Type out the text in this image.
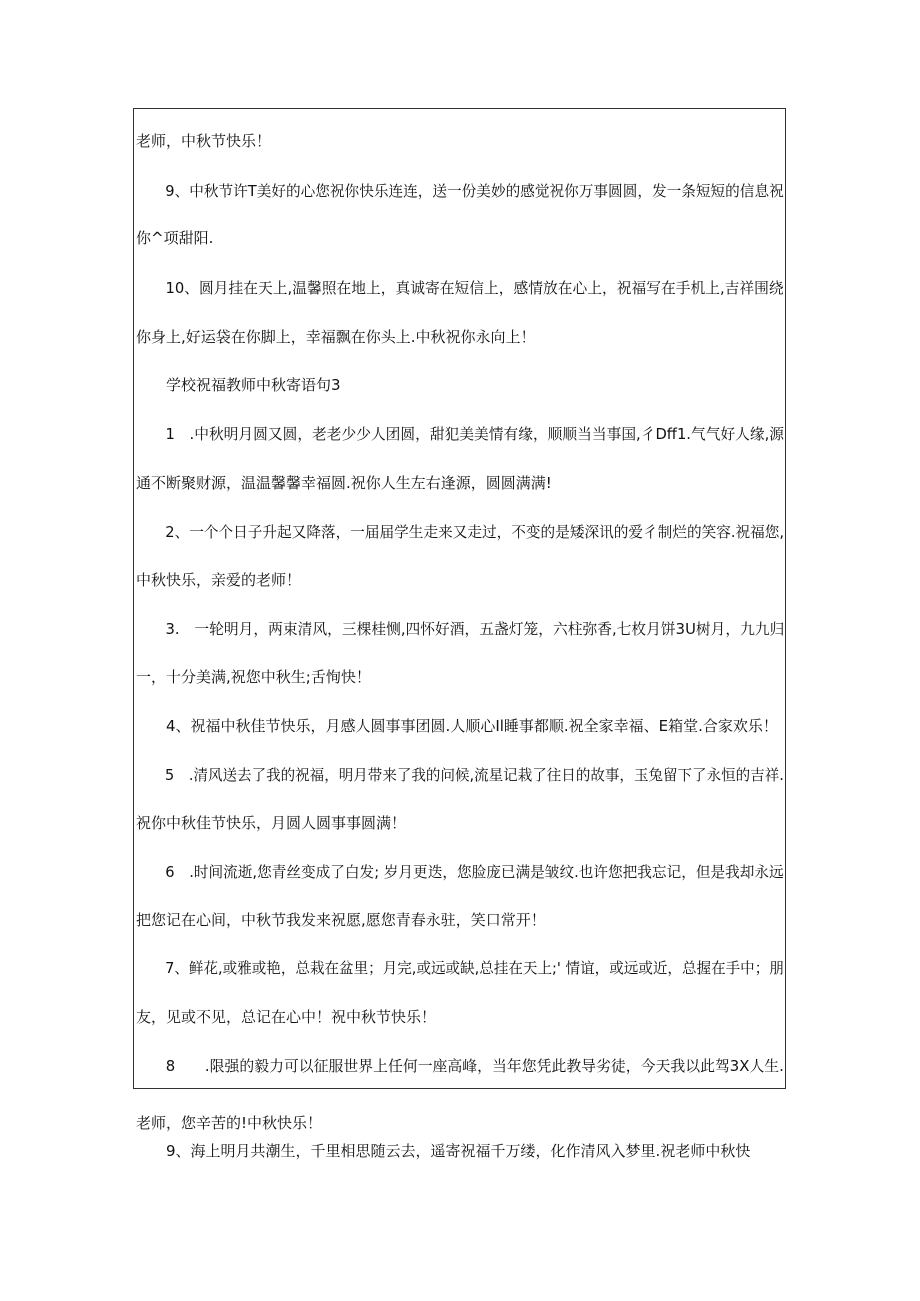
老师，中秋节快乐！
　　9、中秋节许T美好的心您祝你快乐连连，送一份美妙的感觉祝你万事圆圆，发一条短短的信息祝
你^项甜阳.
　　10、圆月挂在天上,温馨照在地上，真诚寄在短信上，感情放在心上，祝福写在手机上,吉祥围绕
你身上,好运袋在你脚上，幸福飘在你头上.中秋祝你永向上！
　　学校祝福教师中秋寄语句3
　　1　.中秋明月圆又圆，老老少少人团圆，甜犯美美情有缘，顺顺当当事国,彳Dff1.气气好人缘,源
通不断聚财源，温温馨馨幸福圆.祝你人生左右逢源，圆圆满满!
　　2、一个个日子升起又降落，一届届学生走来又走过，不变的是矮深讯的爱彳制烂的笑容.祝福您,
中秋快乐，亲爱的老师！
　　3.　一轮明月，两束清风，三棵桂恻,四怀好酒，五盏灯笼，六柱弥香,七枚月饼3U树月，九九归
一，十分美满,祝您中秋生;舌恂快！
　　4、祝福中秋佳节快乐，月感人圆事事团圆.人顺心Il睡事都顺.祝全家幸福、E箱堂.合家欢乐！
　　5　.清风送去了我的祝福，明月带来了我的问候,流星记栽了往日的故事，玉兔留下了永恒的吉祥.
祝你中秋佳节快乐，月圆人圆事事圆满！
　　6　.时间流逝,您青丝变成了白发; 岁月更迭，您脸庞已满是皱纹.也许您把我忘记，但是我却永远
把您记在心间，中秋节我发来祝愿,愿您青春永驻，笑口常开！
　　7、鲜花,或雅或艳，总栽在盆里；月完,或远或缺,总挂在天上;' 情谊，或远或近，总握在手中；朋
友，见或不见，总记在心中！祝中秋节快乐！
　　8　　.限强的毅力可以征服世界上任何一座高峰，当年您凭此教导劣徒，今天我以此驾3X人生.
老师，您辛苦的!中秋快乐！
　　9、海上明月共潮生，千里相思随云去，遥寄祝福千万缕，化作清风入梦里.祝老师中秋快
